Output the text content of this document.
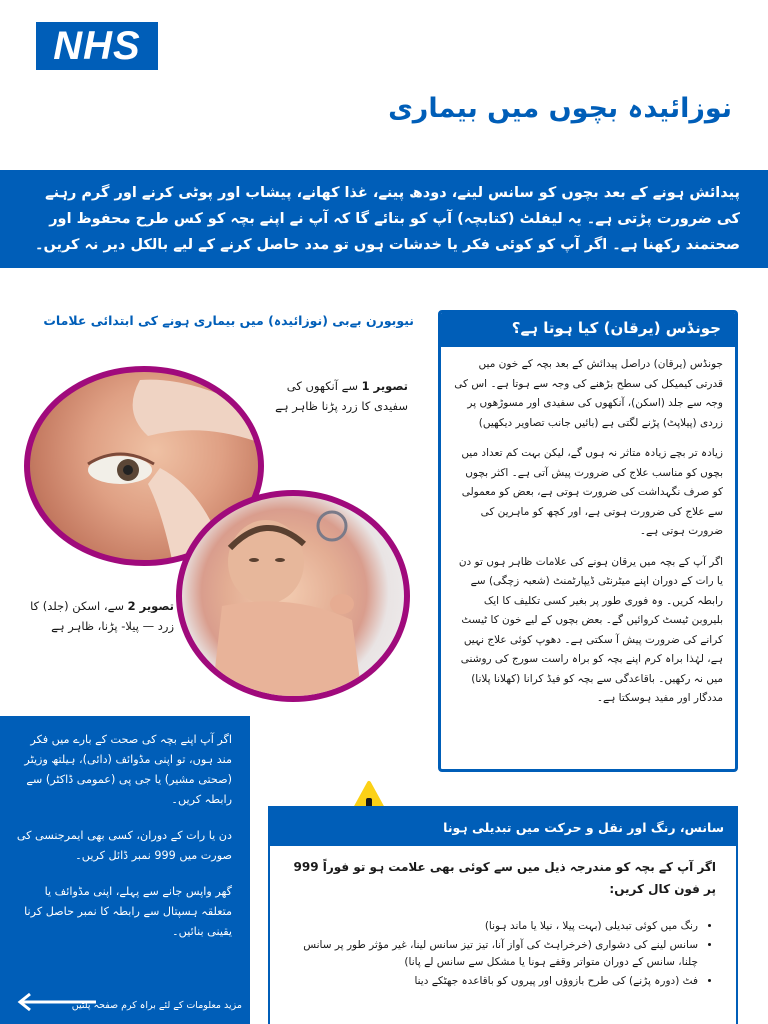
NHS
نوزائیدہ بچوں میں بیماری

پیدائش ہونے کے بعد بچوں کو سانس لینے، دودھ پینے، غذا کھانے، پیشاب اور پوٹی کرنے اور گرم رہنے کی ضرورت پڑتی ہے۔ یہ لیفلٹ (کتابچہ) آپ کو بتائے گا کہ آپ نے اپنے بچہ کو کس طرح محفوظ اور صحتمند رکھنا ہے۔ اگر آپ کو کوئی فکر یا خدشات ہوں تو مدد حاصل کرنے کے لیے بالکل دیر نہ کریں۔

نیوبورن بےبی (نوزائیدہ) میں بیماری ہونے کی ابتدائی علامات

تصویر 1 سے آنکھوں کی سفیدی کا زرد پڑنا ظاہر ہے

تصویر 2 سے، اسکن (جلد) کا زرد — پیلا- پڑنا، ظاہر ہے

جونڈس (یرقان) کیا ہوتا ہے؟

جونڈس (یرقان) دراصل پیدائش کے بعد بچہ کے خون میں قدرتی کیمیکل کی سطح بڑھنے کی وجہ سے ہوتا ہے۔ اس کی وجہ سے جلد (اسکن)، آنکھوں کی سفیدی اور مسوڑھوں پر زردی (پیلاپٹ) پڑنے لگتی ہے (بائیں جانب تصاویر دیکھیں)

زیادہ تر بچے زیادہ متاثر نہ ہوں گے، لیکن بہت کم تعداد میں بچوں کو مناسب علاج کی ضرورت پیش آتی ہے۔ اکثر بچوں کو صرف نگہداشت کی ضرورت ہوتی ہے، بعض کو معمولی سے علاج کی ضرورت ہوتی ہے، اور کچھ کو ماہرین کی ضرورت ہوتی ہے۔

اگر آپ کے بچہ میں یرقان ہونے کی علامات ظاہر ہوں تو دن یا رات کے دوران اپنے میٹرنٹی ڈیپارٹمنٹ (شعبہ زچگی) سے رابطہ کریں۔ وہ فوری طور پر بغیر کسی تکلیف کا ایک بلیروبن ٹیسٹ کروائیں گے۔ بعض بچوں کے لیے خون کا ٹیسٹ کرانے کی ضرورت پیش آ سکتی ہے۔ دھوپ کوئی علاج نہیں ہے، لہٰذا براہ کرم اپنے بچہ کو براہ راست سورج کی روشنی میں نہ رکھیں۔ باقاعدگی سے بچہ کو فیڈ کرانا (کھلانا پلانا) مددگار اور مفید ہوسکتا ہے۔

اگر آپ اپنے بچہ کی صحت کے بارے میں فکر مند ہوں، تو اپنی مڈوائف (دائی)، ہیلتھ وزیٹر (صحتی مشیر) یا جی پی (عمومی ڈاکٹر) سے رابطہ کریں۔

دن یا رات کے دوران، کسی بھی ایمرجنسی کی صورت میں 999 نمبر ڈائل کریں۔

گھر واپس جانے سے پہلے، اپنی مڈوائف یا متعلقہ ہسپتال سے رابطہ کا نمبر حاصل کرنا یقینی بنائیں۔

مزید معلومات کے لئے براہ کرم صفحہ پلٹیں
سانس، رنگ اور نقل و حرکت میں تبدیلی ہونا

اگر آپ کے بچہ کو مندرجہ ذیل میں سے کوئی بھی علامت ہو تو فوراً 999 پر فون کال کریں:

• رنگ میں کوئی تبدیلی (بہت پیلا ، نیلا یا ماند ہونا)
• سانس لینے کی دشواری (خرخراہٹ کی آواز آنا، تیز تیز سانس لینا، غیر مؤثر طور پر سانس چلنا، سانس کے دوران متواتر وقفے ہونا یا مشکل سے سانس لے پانا)
• فٹ (دورہ پڑنے) کی طرح بازوؤں اور پیروں کو باقاعدہ جھٹکے دینا
